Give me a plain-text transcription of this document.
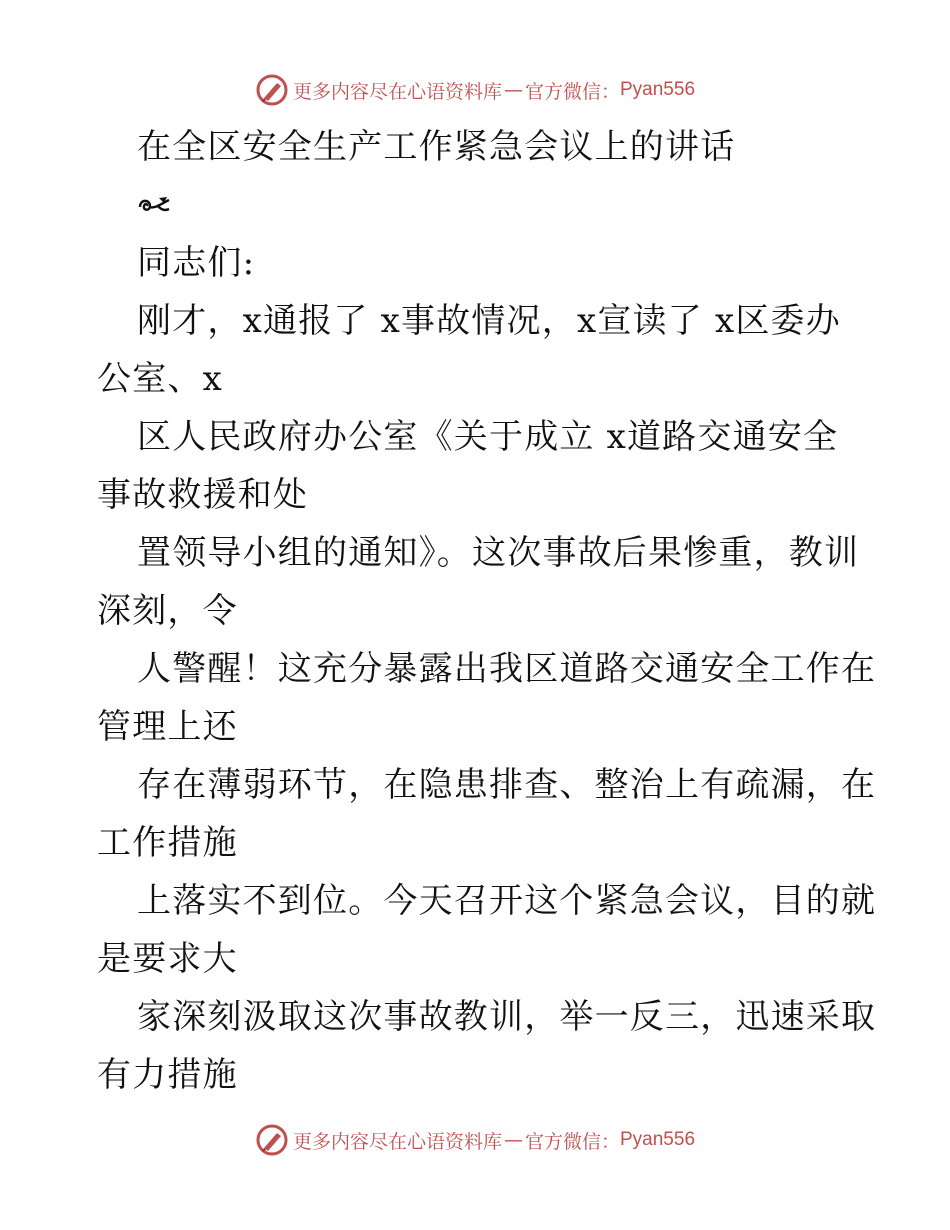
更多内容尽在心语资料库 — 官方微信： Pyan556
在全区安全生产工作紧急会议上的讲话
同志们:
刚才，x通报了 x事故情况，x宣读了 x区委办
公室、x
区人民政府办公室《关于成立 x道路交通安全
事故救援和处
置领导小组的通知》。这次事故后果惨重，教训
深刻，令
人警醒！这充分暴露出我区道路交通安全工作在
管理上还
存在薄弱环节，在隐患排查、整治上有疏漏，在
工作措施
上落实不到位。今天召开这个紧急会议，目的就
是要求大
家深刻汲取这次事故教训，举一反三，迅速采取
有力措施
更多内容尽在心语资料库 — 官方微信： Pyan556
